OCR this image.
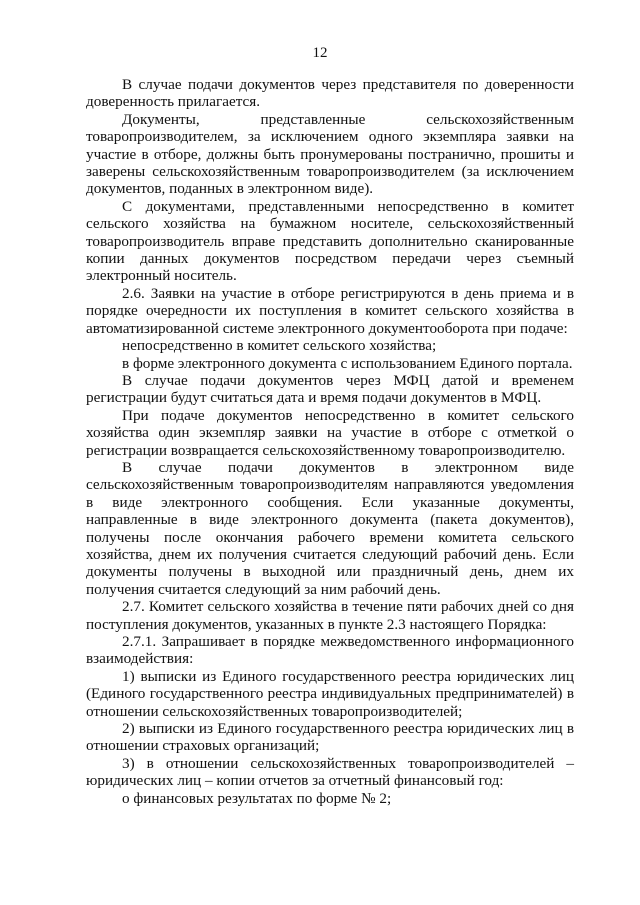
12

В случае подачи документов через представителя по доверенности доверенность прилагается.

Документы, представленные сельскохозяйственным товаропроизводителем, за исключением одного экземпляра заявки на участие в отборе, должны быть пронумерованы постранично, прошиты и заверены сельскохозяйственным товаропроизводителем (за исключением документов, поданных в электронном виде).

С документами, представленными непосредственно в комитет сельского хозяйства на бумажном носителе, сельскохозяйственный товаропроизводитель вправе представить дополнительно сканированные копии данных документов посредством передачи через съемный электронный носитель.

2.6. Заявки на участие в отборе регистрируются в день приема и в порядке очередности их поступления в комитет сельского хозяйства в автоматизированной системе электронного документооборота при подаче:

непосредственно в комитет сельского хозяйства;

в форме электронного документа с использованием Единого портала.

В случае подачи документов через МФЦ датой и временем регистрации будут считаться дата и время подачи документов в МФЦ.

При подаче документов непосредственно в комитет сельского хозяйства один экземпляр заявки на участие в отборе с отметкой о регистрации возвращается сельскохозяйственному товаропроизводителю.

В случае подачи документов в электронном виде сельскохозяйственным товаропроизводителям направляются уведомления в виде электронного сообщения. Если указанные документы, направленные в виде электронного документа (пакета документов), получены после окончания рабочего времени комитета сельского хозяйства, днем их получения считается следующий рабочий день. Если документы получены в выходной или праздничный день, днем их получения считается следующий за ним рабочий день.

2.7. Комитет сельского хозяйства в течение пяти рабочих дней со дня поступления документов, указанных в пункте 2.3 настоящего Порядка:

2.7.1. Запрашивает в порядке межведомственного информационного взаимодействия:

1) выписки из Единого государственного реестра юридических лиц (Единого государственного реестра индивидуальных предпринимателей) в отношении сельскохозяйственных товаропроизводителей;

2) выписки из Единого государственного реестра юридических лиц в отношении страховых организаций;

3) в отношении сельскохозяйственных товаропроизводителей – юридических лиц – копии отчетов за отчетный финансовый год:

о финансовых результатах по форме № 2;
